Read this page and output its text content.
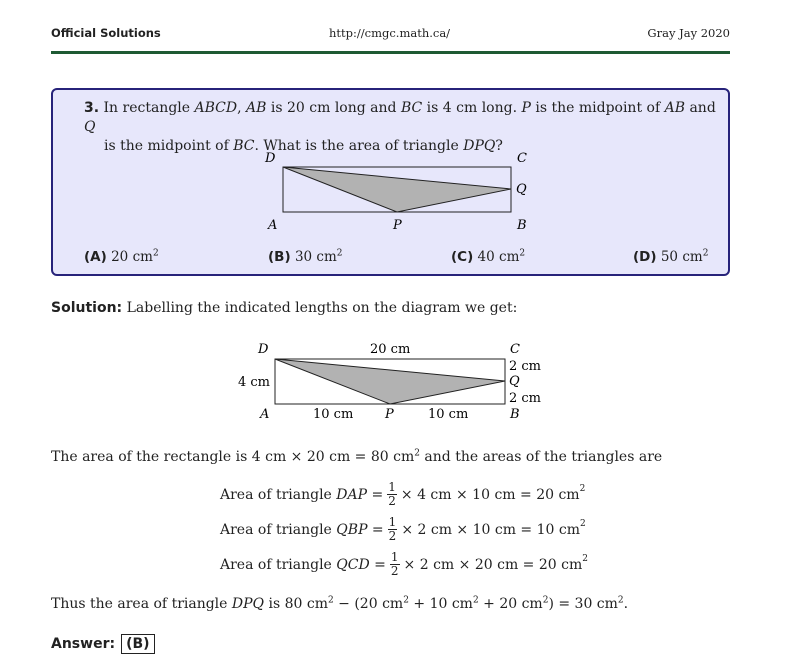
Official Solutions	http://cmgc.math.ca/	Gray Jay 2020
3. In rectangle ABCD, AB is 20 cm long and BC is 4 cm long. P is the midpoint of AB and Q
is the midpoint of BC. What is the area of triangle DPQ?
D	C
Q
A	P	B
(A) 20 $cm^2$	(B) 30 $cm^2$	(C) 40 $cm^2$	(D) 50 $cm^2$
Solution: Labelling the indicated lengths on the diagram we get:
D	20 cm	C
2 cm
4 cm	Q
2 cm
A	10 cm P	10 cm	B
The area of the rectangle is 4 cm × 20 cm = 80 $cm^2$ and the areas of the triangles are
Area of triangle
DAP = $\frac{1}{2} \times 4$ cm × 10 cm = 20 $cm^2$
Area of triangle
QBP = $\frac{1}{2} \times 2$ cm × 10 cm = 10 $cm^2$
Area of triangle
QCD = $\frac{1}{2} \times 2$ cm × 20 cm = 20 $cm^2$
Thus the area of triangle DPQ is 80 $cm^2 - (20$ $cm^2 + 10$ $cm^2 + 20$ $cm^2) = 30$ $cm^2$.
Answer: (B)
